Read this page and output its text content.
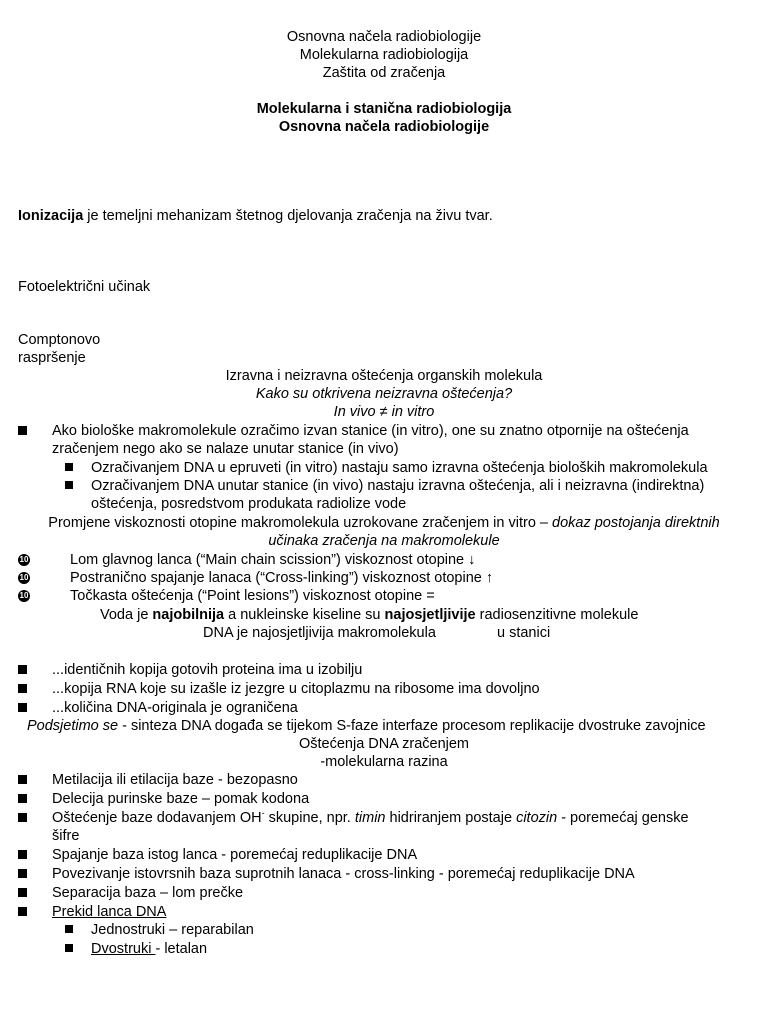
Osnovna načela radiobiologije
Molekularna radiobiologija
Zaštita od zračenja
Molekularna i stanična radiobiologija
Osnovna načela radiobiologije
Ionizacija je temeljni mehanizam štetnog djelovanja zračenja na živu tvar.
Fotoelektrični učinak
Comptonovo
raspršenje
Izravna i neizravna oštećenja organskih molekula
Kako su otkrivena neizravna oštećenja?
In vivo ≠ in vitro
Ako biološke makromolekule ozračimo izvan stanice (in vitro), one su znatno otpornije na oštećenja
zračenjem nego ako se nalaze unutar stanice (in vivo)
Ozračivanjem DNA u epruveti (in vitro) nastaju samo izravna oštećenja bioloških makromolekula
Ozračivanjem DNA unutar stanice (in vivo) nastaju izravna oštećenja, ali i neizravna (indirektna)
oštećenja, posredstvom produkata radiolize vode
Promjene viskoznosti otopine makromolekula uzrokovane zračenjem in vitro – dokaz postojanja direktnih
učinaka zračenja na makromolekule
10	Lom glavnog lanca (“Main chain scission”) viskoznost otopine ↓
10	Postranično spajanje lanaca (“Cross-linking”) viskoznost otopine ↑
10	Točkasta oštećenja (“Point lesions”) viskoznost otopine =
Voda je najobilnija a nukleinske kiseline su najosjetljivije radiosenzitivne molekule
DNA je najosjetljivija makromolekula	u stanici
...identičnih kopija gotovih proteina ima u izobilju
...kopija RNA koje su izašle iz jezgre u citoplazmu na ribosome ima dovoljno
...količina DNA-originala je ograničena
Podsjetimo se - sinteza DNA događa se tijekom S-faze interfaze procesom replikacije dvostruke zavojnice
Oštećenja DNA zračenjem
-molekularna razina
Metilacija ili etilacija baze - bezopasno
Delecija purinske baze – pomak kodona
Oštećenje baze dodavanjem OH- skupine, npr. timin hidriranjem postaje citozin - poremećaj genske
šifre
Spajanje baza istog lanca - poremećaj reduplikacije DNA
Povezivanje istovrsnih baza suprotnih lanaca - cross-linking - poremećaj reduplikacije DNA
Separacija baza – lom prečke
Prekid lanca DNA
Jednostruki – reparabilan
Dvostruki - letalan
